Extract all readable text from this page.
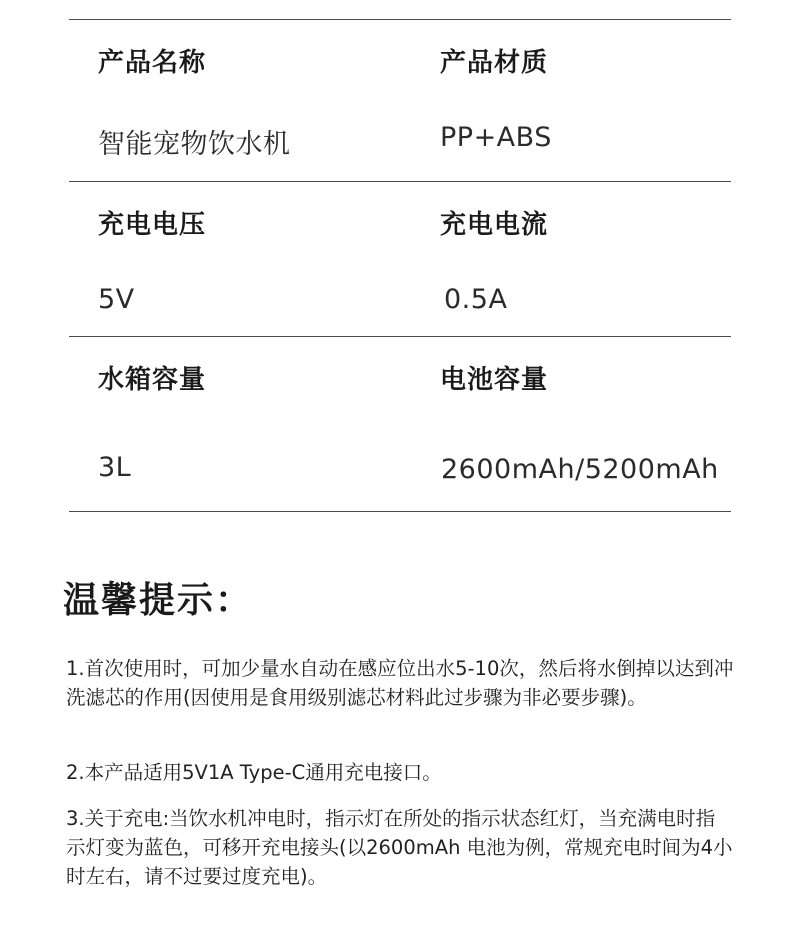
产品名称	产品材质
智能宠物饮水机	PP+ABS
充电电压	充电电流
5V	0.5A
水箱容量	电池容量
3L	2600mAh/5200mAh
温馨提示：
1.首次使用时，可加少量水自动在感应位出水5-10次，然后将水倒掉以达到冲洗滤芯的作用(因使用是食用级别滤芯材料此过步骤为非必要步骤)。
2.本产品适用5V1A Type-C通用充电接口。
3.关于充电:当饮水机冲电时，指示灯在所处的指示状态红灯，当充满电时指示灯变为蓝色，可移开充电接头(以2600mAh 电池为例，常规充电时间为4小时左右，请不过要过度充电)。
